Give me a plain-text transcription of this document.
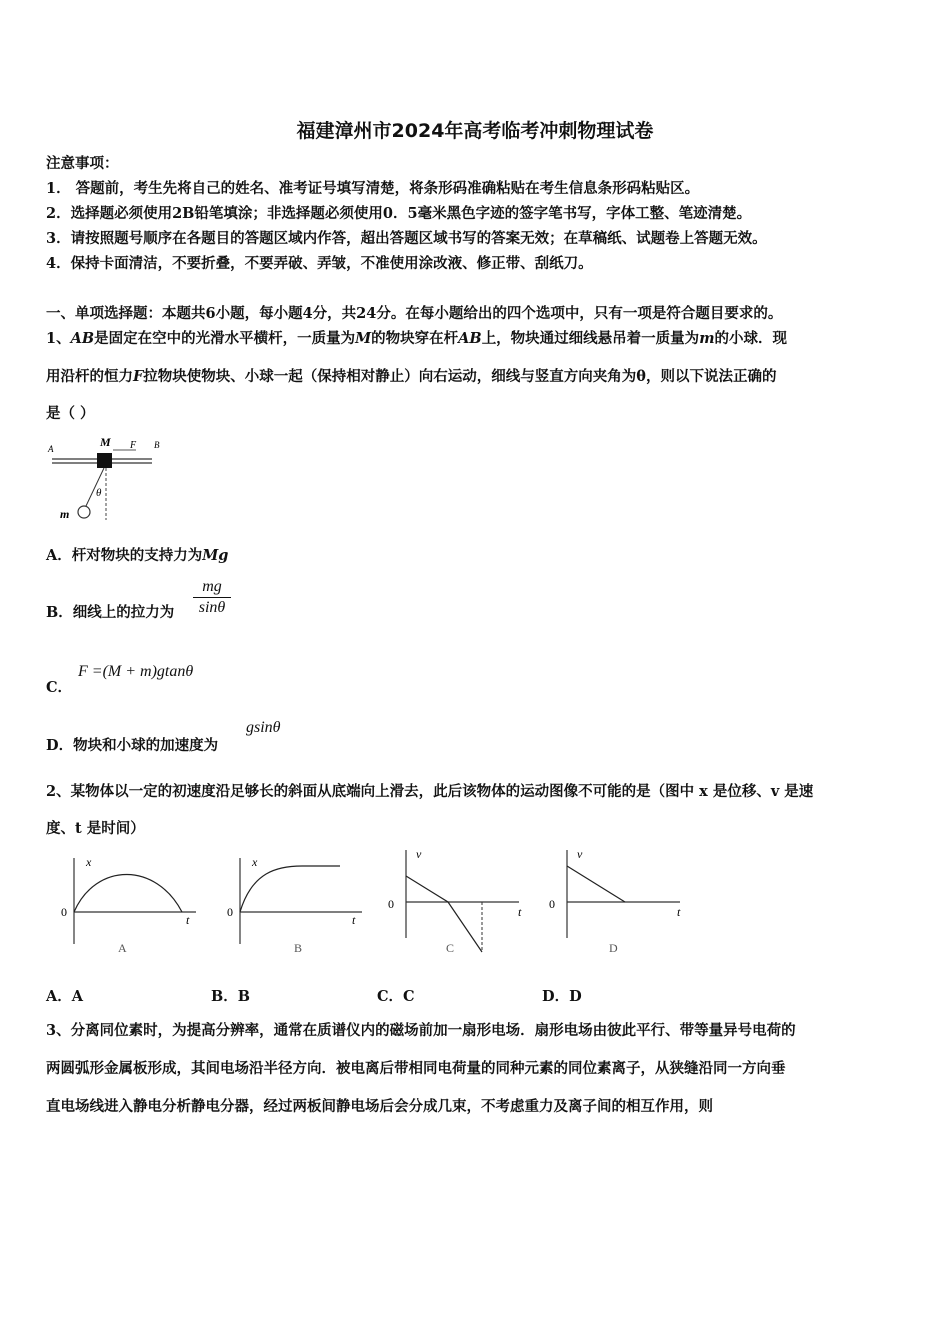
福建漳州市2024年高考临考冲刺物理试卷
注意事项：
1． 答题前，考生先将自己的姓名、准考证号填写清楚，将条形码准确粘贴在考生信息条形码粘贴区。
2．选择题必须使用2B铅笔填涂；非选择题必须使用0．5毫米黑色字迹的签字笔书写，字体工整、笔迹清楚。
3．请按照题号顺序在各题目的答题区域内作答，超出答题区域书写的答案无效；在草稿纸、试题卷上答题无效。
4．保持卡面清洁，不要折叠，不要弄破、弄皱，不准使用涂改液、修正带、刮纸刀。
一、单项选择题：本题共6小题，每小题4分，共24分。在每小题给出的四个选项中，只有一项是符合题目要求的。
1、AB是固定在空中的光滑水平横杆，一质量为M的物块穿在杆AB上，物块通过细线悬吊着一质量为m的小球．现
用沿杆的恒力F拉物块使物块、小球一起（保持相对静止）向右运动，细线与竖直方向夹角为θ，则以下说法正确的
是（ ）
A	M F B
θ
m
A．杆对物块的支持力为Mg
B．细线上的拉力为 $\frac{mg}{\sin\theta}$
C．
F =(M + m)gtanθ
D．物块和小球的加速度为
gsinθ
2、某物体以一定的初速度沿足够长的斜面从底端向上滑去，此后该物体的运动图像不可能的是（图中 x 是位移、v 是速
度、t 是时间）
x
t
0
A
x
t
0
B
v
t
0
C
v
t
0
D
A．A	B．B	C．C	D．D
3、分离同位素时，为提高分辨率，通常在质谱仪内的磁场前加一扇形电场．扇形电场由彼此平行、带等量异号电荷的
两圆弧形金属板形成，其间电场沿半径方向．被电离后带相同电荷量的同种元素的同位素离子，从狭缝沿同一方向垂
直电场线进入静电分析静电分器，经过两板间静电场后会分成几束，不考虑重力及离子间的相互作用，则
